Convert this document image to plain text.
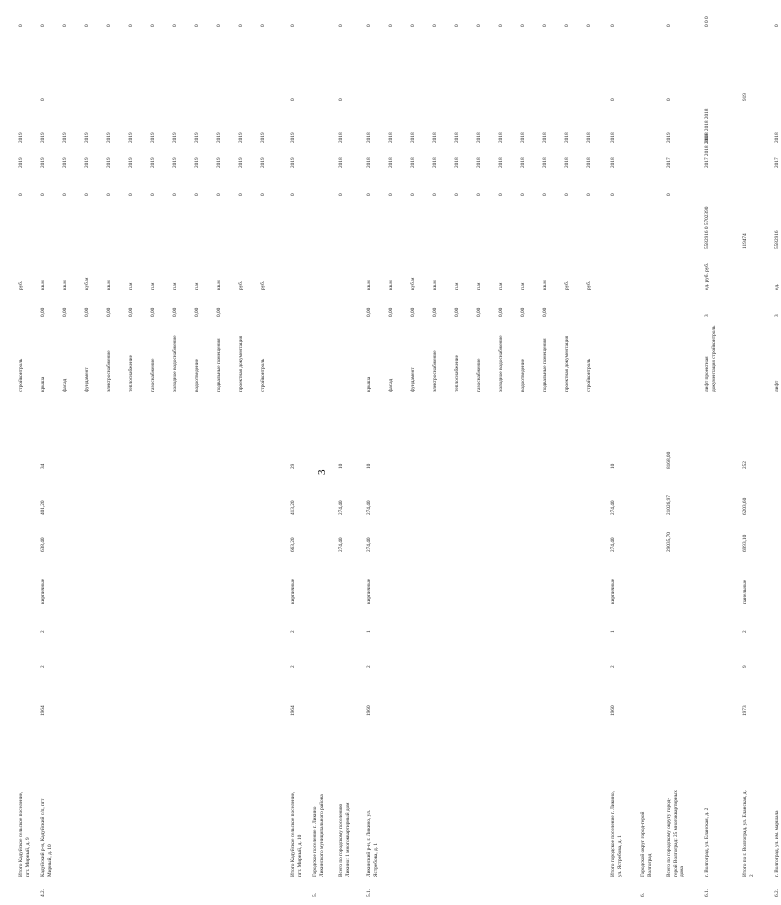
3
Итого Кадуйское сельское поселение, пгт. Мирный, д. 9
стройконтроль
руб.
0
2019
2019
0
4.2.
Кадуйский р-н, Кадуйский с/п, пгт Мирный, д. 10
1964
2
2
кирпичные
638,40
401,20
34
крыша
0,00
кв.м
0
2019
2019
0
0
фасад
0,00
кв.м
0
2019
2019
0
фундамент
0,00
куб.м
0
2019
2019
0
электроснабжение
0,00
кв.м
0
2019
2019
0
теплоснабжение
0,00
п.м
0
2019
2019
0
газоснабжение
0,00
п.м
0
2019
2019
0
холодное водоснабжение
0,00
п.м
0
2019
2019
0
водоотведение
0,00
п.м
0
2019
2019
0
подвальные помещения
0,00
кв.м
0
2019
2019
0
проектная документация
руб.
0
2019
2019
0
стройконтроль
руб.
0
2019
2019
0
Итого Кадуйское сельское поселение, пгт. Мирный, д. 10
1964
2
2
кирпичные
663,20
413,20
29
0
2019
2019
0
0
5.
Городское поселение г. Ликино Ликинского муниципального района	Всего по городскому поселению Ликино: 1 многоквартирный дом
274,40
274,40
10
0
2018
2018
0
0
5.1.
Ликинский р-н, г. Ликино, ул. Ястребова, д. 1
1960
2
1
кирпичные
274,40
274,40
10
крыша
0,00
кв.м
0
2018
2018
0
фасад
0,00
кв.м
0
2018
2018
0
фундамент
0,00
куб.м
0
2018
2018
0
электроснабжение
0,00
кв.м
0
2018
2018
0
теплоснабжение
0,00
п.м
0
2018
2018
0
газоснабжение
0,00
п.м
0
2018
2018
0
холодное водоснабжение
0,00
п.м
0
2018
2018
0
водоотведение
0,00
п.м
0
2018
2018
0
подвальные помещения
0,00
кв.м
0
2018
2018
0
проектная документация
руб.
0
2018
2018
0
стройконтроль
руб.
0
2018
2018
0
Итого городское поселение г. Ликино, ул. Ястребова, д. 1
1960
2
1
кирпичные
274,40
274,40
10
0
2018
2018
0
0
6.
Городской округ город-герой Волгоград	Всего по городскому округу город-герой Волгоград: 25 многоквартирных дома
29035,70
21026,97
8168,00
0
2017
2019
0
0
6.1.
г. Волгоград, ул. Еланская, д. 2
лифт проектная документация стройконтроль
3
ед. руб. руб.
5582916 0 5702390
2017 2018 2018
2018 2018 2018
0 0 0
Итого по г. Волгоград, ул. Еланская, д. 2
1973
9
2
панельные
6993,10
6203,60
252
119474
919
6.2.
г. Волгоград, ул. им. маршала
лифт
3
ед.
5582916
2017
2018
0
